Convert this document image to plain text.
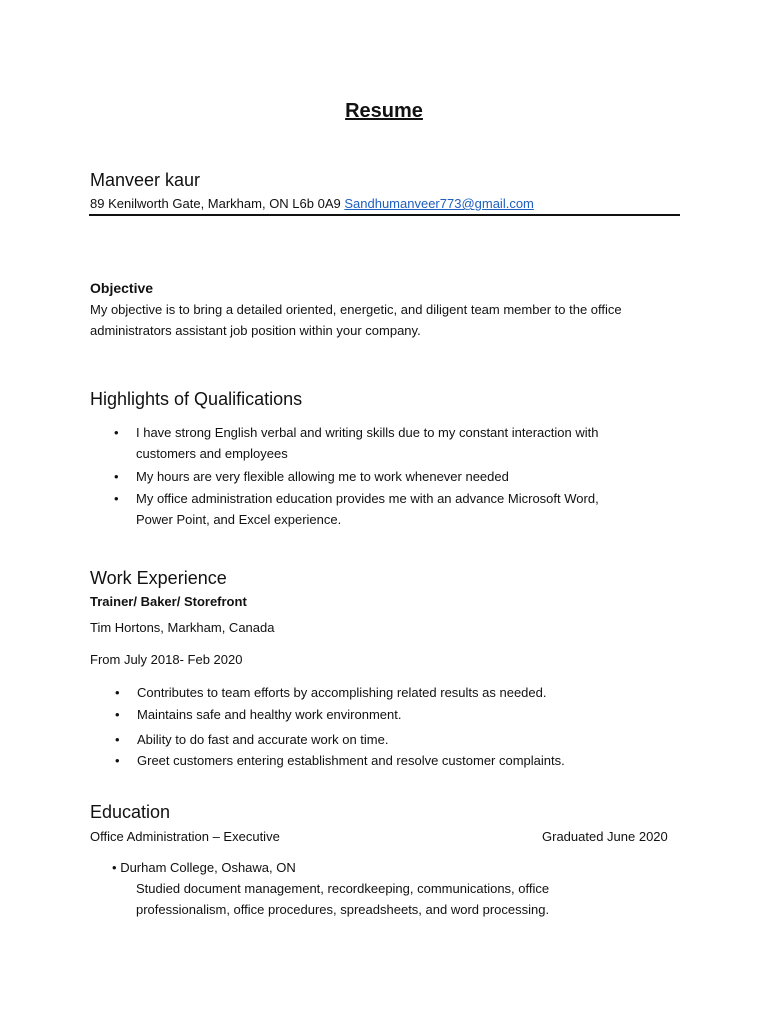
Resume
Manveer kaur
89 Kenilworth Gate, Markham, ON L6b 0A9 Sandhumanveer773@gmail.com
Objective
My objective is to bring a detailed oriented, energetic, and diligent team member to the office
administrators assistant job position within your company.
Highlights of Qualifications
• I have strong English verbal and writing skills due to my constant interaction with
customers and employees
• My hours are very flexible allowing me to work whenever needed
• My office administration education provides me with an advance Microsoft Word,
Power Point, and Excel experience.
Work Experience
Trainer/ Baker/ Storefront
Tim Hortons, Markham, Canada
From July 2018- Feb 2020
• Contributes to team efforts by accomplishing related results as needed.
• Maintains safe and healthy work environment.
• Ability to do fast and accurate work on time.
• Greet customers entering establishment and resolve customer complaints.
Education
Office Administration – Executive	Graduated June 2020
• Durham College, Oshawa, ON
Studied document management, recordkeeping, communications, office
professionalism, office procedures, spreadsheets, and word processing.
